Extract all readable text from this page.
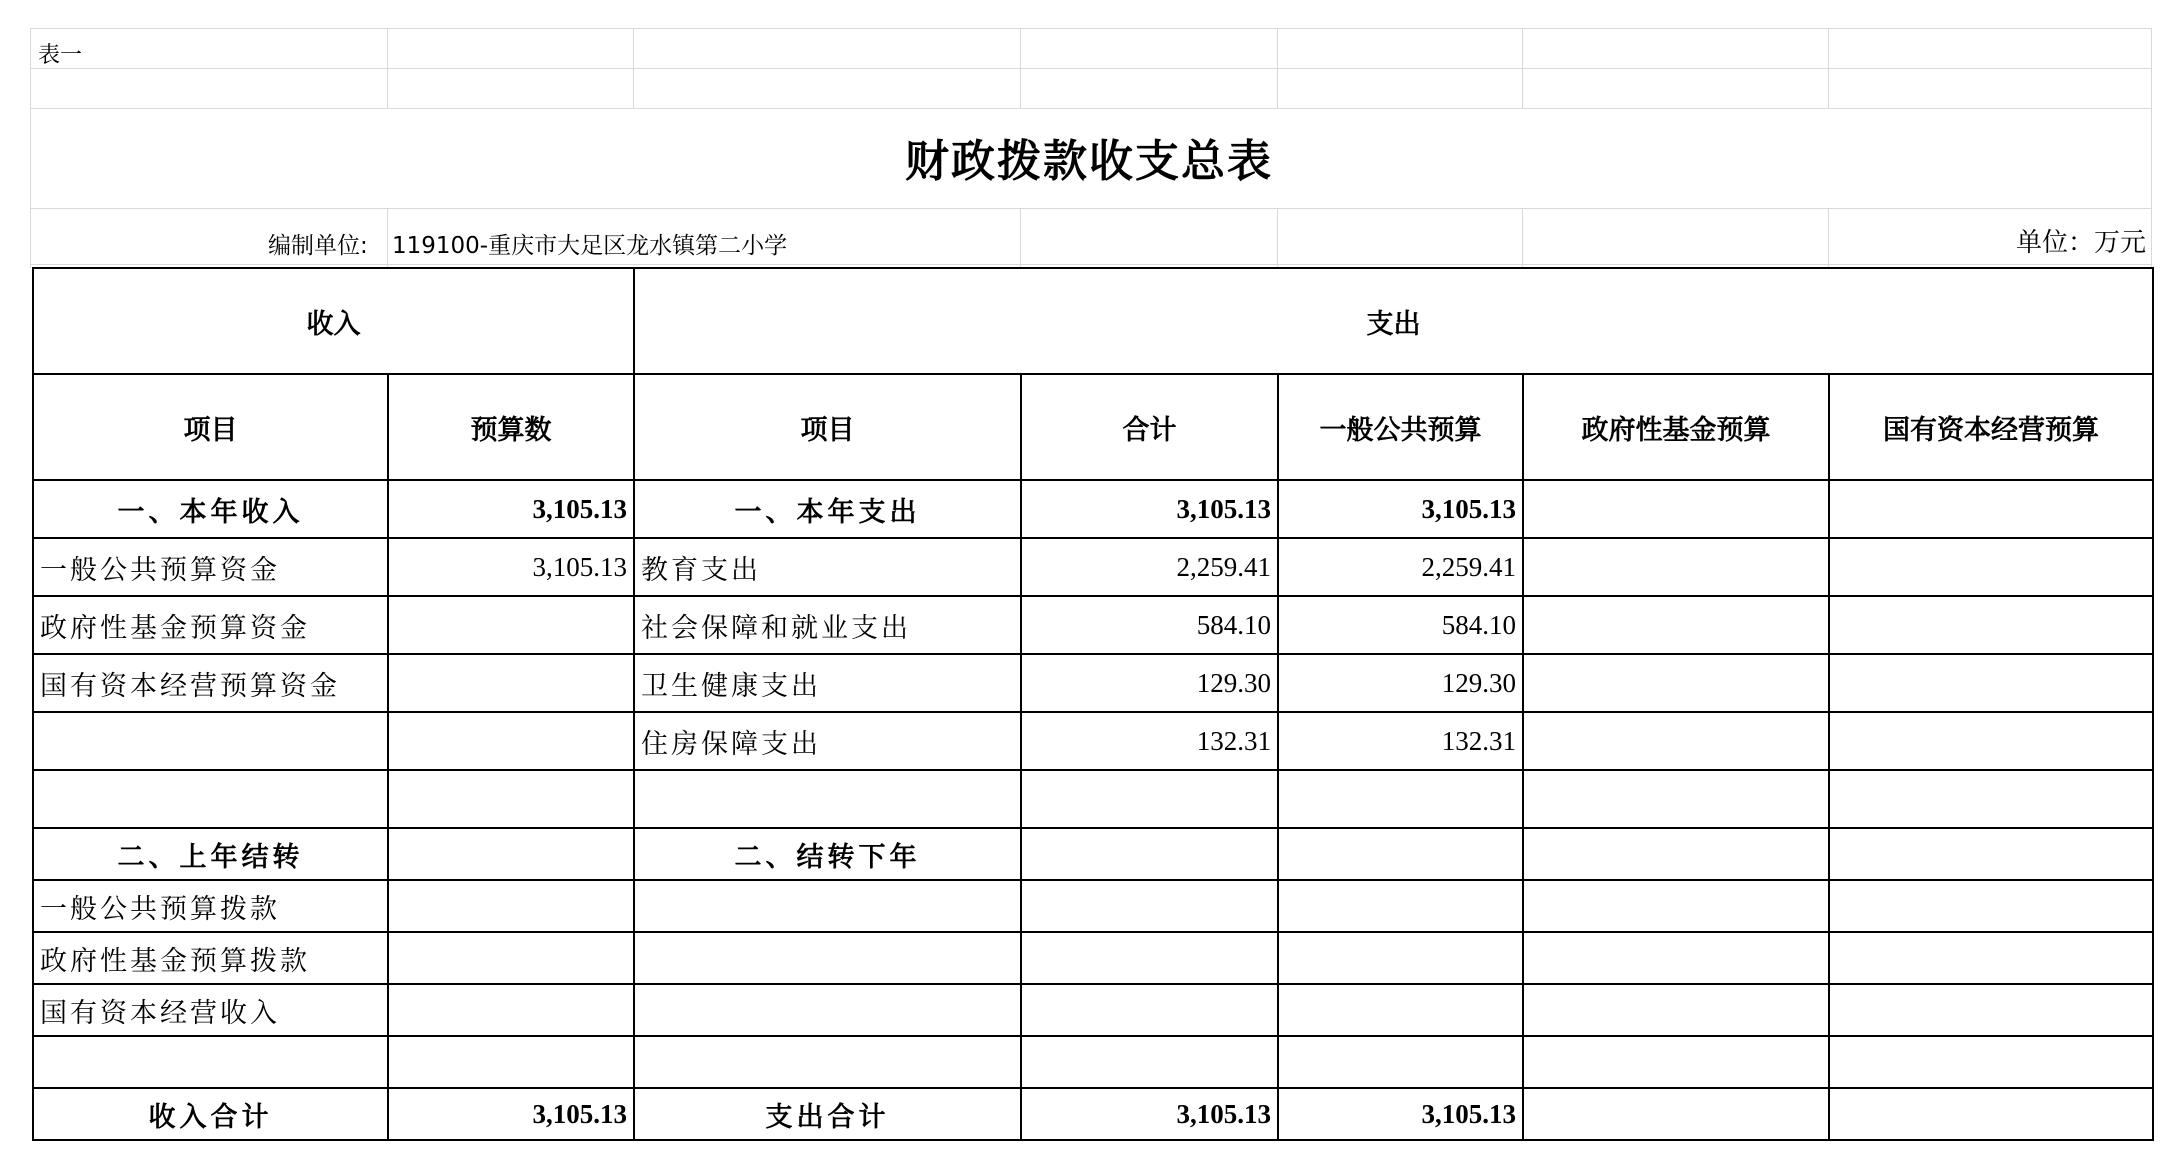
表一
财政拨款收支总表
编制单位: 119100-重庆市大足区龙水镇第二小学	单位：万元
收入		支出				
项目	预算数	项目	合计	一般公共预算	政府性基金预算	国有资本经营预算
一、本年收入	3,105.13	一、本年支出	3,105.13	3,105.13		
一般公共预算资金	3,105.13	教育支出	2,259.41	2,259.41		
政府性基金预算资金		社会保障和就业支出	584.10	584.10		
国有资本经营预算资金		卫生健康支出	129.30	129.30		
		住房保障支出	132.31	132.31		

二、上年结转		二、结转下年				
一般公共预算拨款						
政府性基金预算拨款						
国有资本经营收入						

收入合计	3,105.13	支出合计	3,105.13	3,105.13		
